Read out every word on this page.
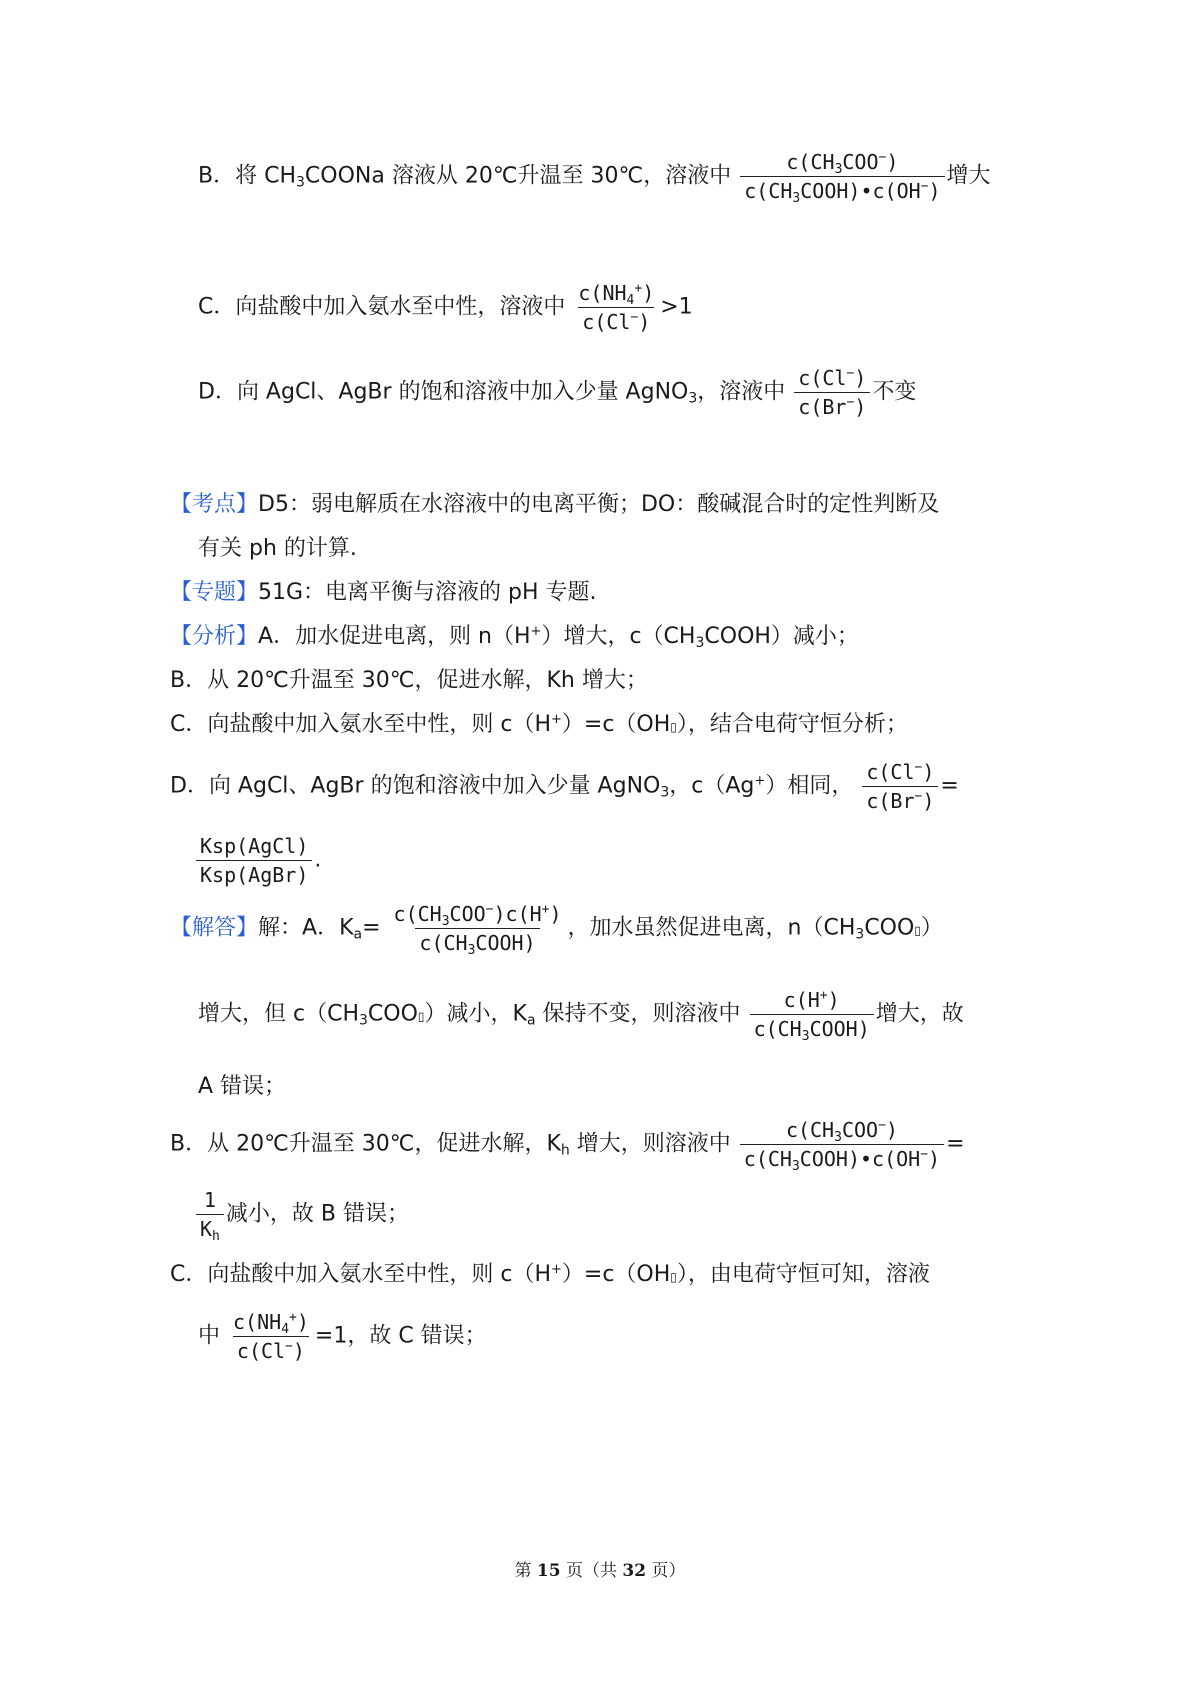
B．将 $CH_3COONa$ 溶液从 20℃升温至 30℃，溶液中 $\frac{c(CH_3COO^-)}{c(CH_3COOH)•c(OH^-)}$ 增大
C．向盐酸中加入氨水至中性，溶液中 $\frac{c(NH_4^+)}{c(Cl^-)} >1$
D．向 AgCl、AgBr 的饱和溶液中加入少量 AgNO$_3$，溶液中 $\frac{c(Cl^-)}{c(Br^-)}$ 不变
【考点】D5：弱电解质在水溶液中的电离平衡；DO：酸碱混合时的定性判断及
有关 ph 的计算.
【专题】51G：电离平衡与溶液的 pH 专题.
【分析】A．加水促进电离，则 n（H+）增大，$c(CH_3COOH)$减小；
B．从 20℃升温至 30℃，促进水解，Kh 增大；
C．向盐酸中加入氨水至中性，则 c（H+）=c（OH▯），结合电荷守恒分析；
D．向 AgCl、AgBr 的饱和溶液中加入少量 AgNO$_3$，c（Ag+）相同， $\frac{c(Cl^-)}{c(Br^-)}$ =
$\frac{\text{Ksp(AgCl)}}{\text{Ksp(AgBr)}}$ .
【解答】解：A．$K_a= \frac{c(CH_3COO^-)c(H^+)}{c(CH_3COOH)}$ ，加水虽然促进电离，$n(CH_3COO▯)$
增大，但 $c(CH_3COO▯)$减小，$K_a$ 保持不变，则溶液中 $\frac{c(H^+)}{c(CH_3COOH)}$ 增大，故
A 错误；
B．从 20℃升温至 30℃，促进水解，$K_h$ 增大，则溶液中 $\frac{c(CH_3COO^-)}{c(CH_3COOH)•c(OH^-)}$ =
$\frac{1}{K_h}$ 减小，故 B 错误；
C．向盐酸中加入氨水至中性，则 c（H+）=c（OH▯），由电荷守恒可知，溶液
中 $\frac{c(NH_4^+)}{c(Cl^-)} =1$，故 C 错误；
第 15 页（共 32 页）
